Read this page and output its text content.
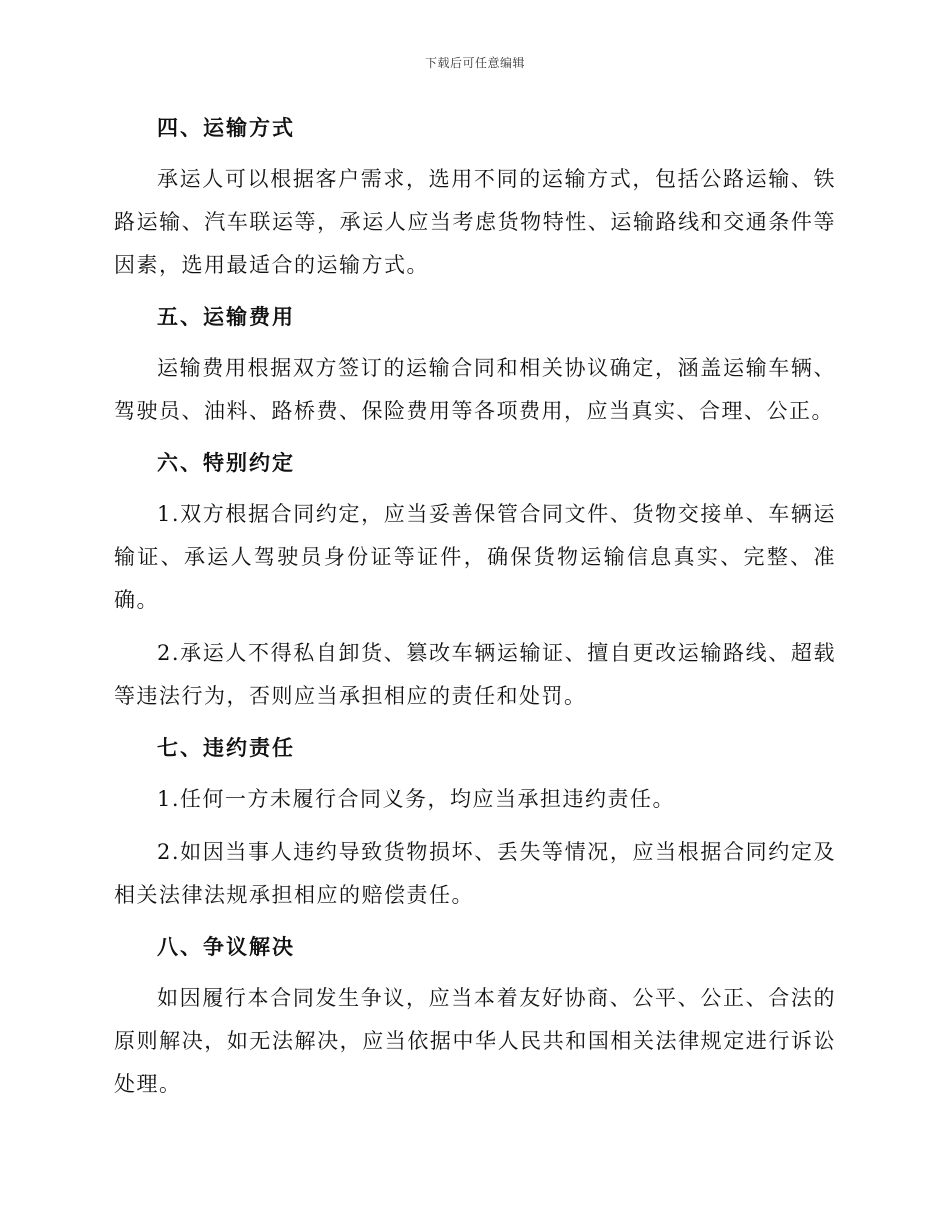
下载后可任意编辑
四、运输方式
承运人可以根据客户需求，选用不同的运输方式，包括公路运输、铁路运输、汽车联运等，承运人应当考虑货物特性、运输路线和交通条件等因素，选用最适合的运输方式。
五、运输费用
运输费用根据双方签订的运输合同和相关协议确定，涵盖运输车辆、驾驶员、油料、路桥费、保险费用等各项费用，应当真实、合理、公正。
六、特别约定
1.双方根据合同约定，应当妥善保管合同文件、货物交接单、车辆运输证、承运人驾驶员身份证等证件，确保货物运输信息真实、完整、准确。
2.承运人不得私自卸货、篡改车辆运输证、擅自更改运输路线、超载等违法行为，否则应当承担相应的责任和处罚。
七、违约责任
1.任何一方未履行合同义务，均应当承担违约责任。
2.如因当事人违约导致货物损坏、丢失等情况，应当根据合同约定及相关法律法规承担相应的赔偿责任。
八、争议解决
如因履行本合同发生争议，应当本着友好协商、公平、公正、合法的原则解决，如无法解决，应当依据中华人民共和国相关法律规定进行诉讼处理。
